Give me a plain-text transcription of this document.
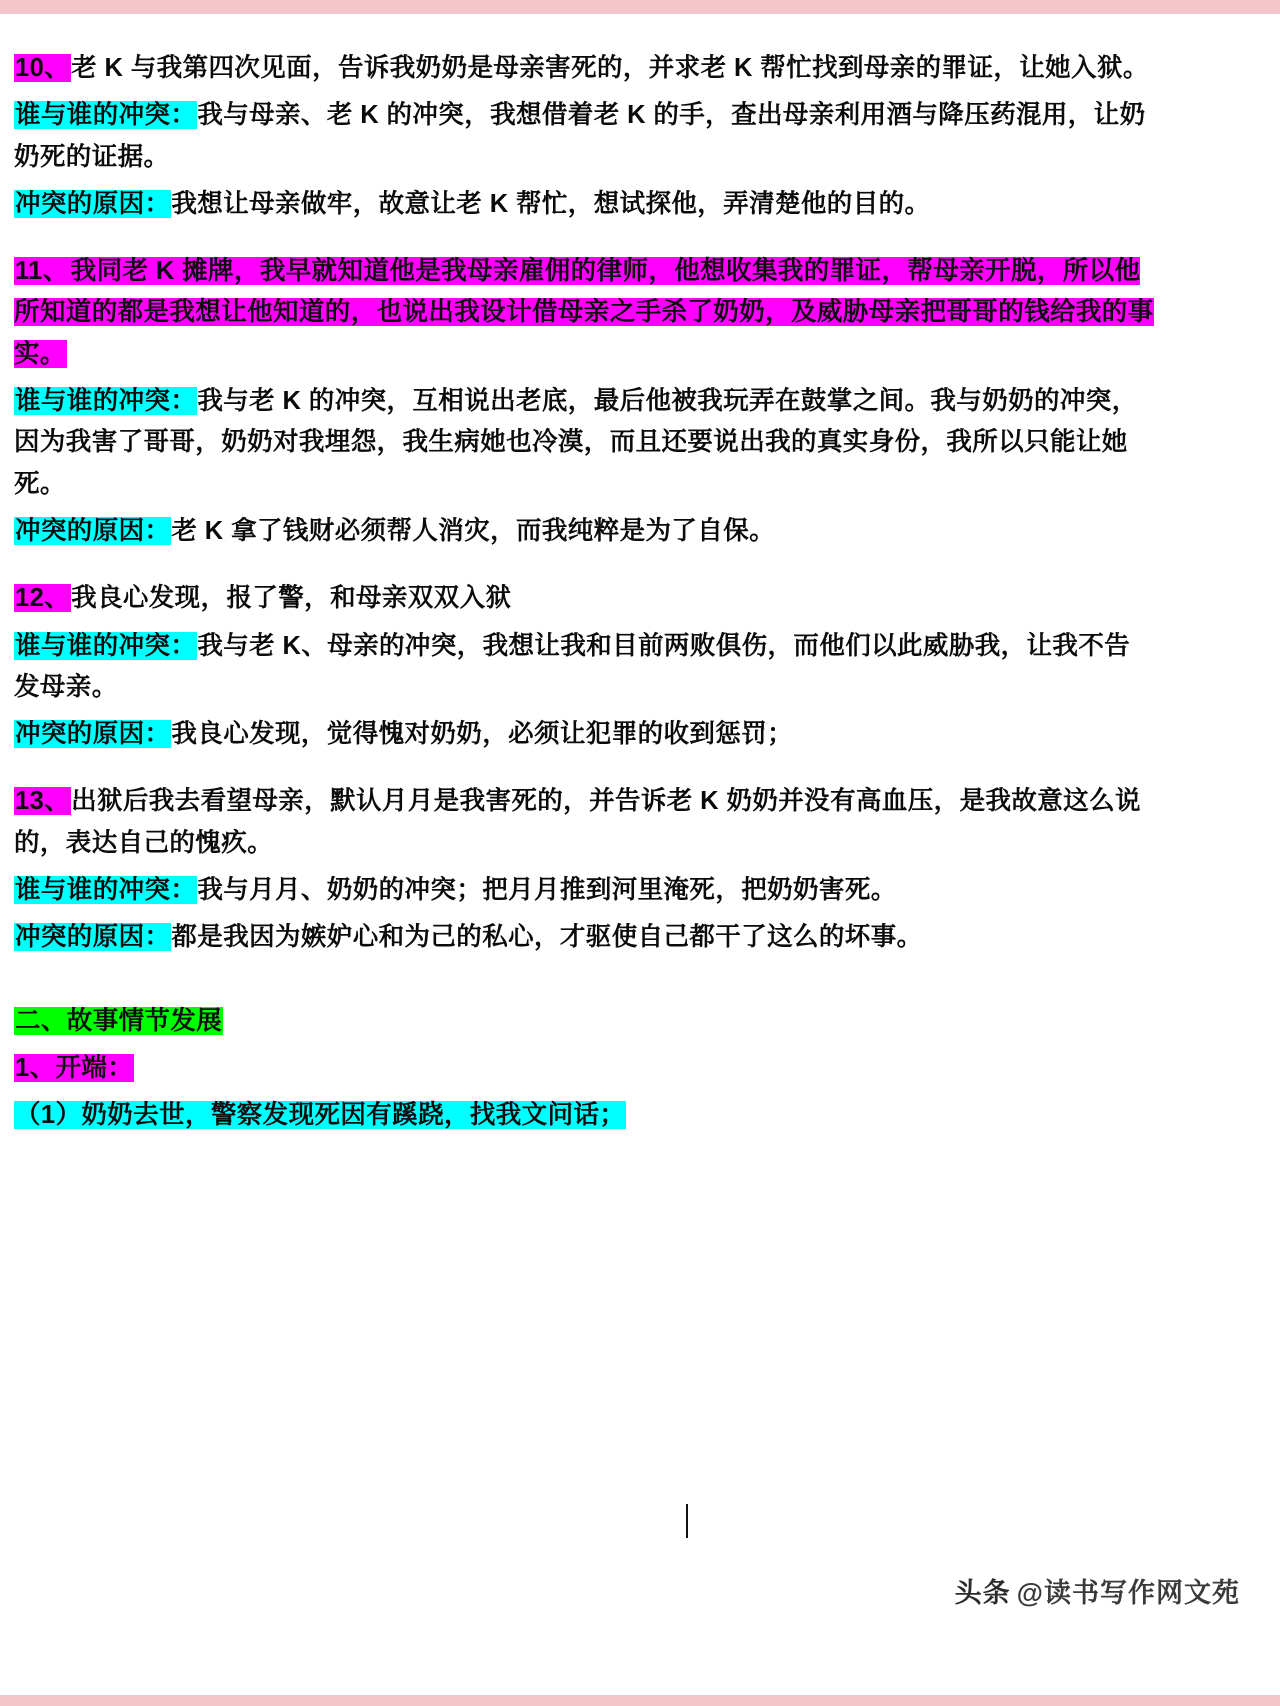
10、老 K 与我第四次见面，告诉我奶奶是母亲害死的，并求老 K 帮忙找到母亲的罪证，让她入狱。

谁与谁的冲突：我与母亲、老 K 的冲突，我想借着老 K 的手，查出母亲利用酒与降压药混用，让奶奶死的证据。

冲突的原因：我想让母亲做牢，故意让老 K 帮忙，想试探他，弄清楚他的目的。

11、我同老 K 摊牌，我早就知道他是我母亲雇佣的律师，他想收集我的罪证，帮母亲开脱，所以他所知道的都是我想让他知道的，也说出我设计借母亲之手杀了奶奶，及威胁母亲把哥哥的钱给我的事实。

谁与谁的冲突：我与老 K 的冲突，互相说出老底，最后他被我玩弄在鼓掌之间。我与奶奶的冲突，因为我害了哥哥，奶奶对我埋怨，我生病她也冷漠，而且还要说出我的真实身份，我所以只能让她死。

冲突的原因：老 K 拿了钱财必须帮人消灾，而我纯粹是为了自保。

12、我良心发现，报了警，和母亲双双入狱

谁与谁的冲突：我与老 K、母亲的冲突，我想让我和目前两败俱伤，而他们以此威胁我，让我不告发母亲。

冲突的原因：我良心发现，觉得愧对奶奶，必须让犯罪的收到惩罚；

13、出狱后我去看望母亲，默认月月是我害死的，并告诉老 K 奶奶并没有高血压，是我故意这么说的，表达自己的愧疚。

谁与谁的冲突：我与月月、奶奶的冲突；把月月推到河里淹死，把奶奶害死。

冲突的原因：都是我因为嫉妒心和为己的私心，才驱使自己都干了这么的坏事。

二、故事情节发展

1、开端：

（1）奶奶去世，警察发现死因有蹊跷，找我文问话；

头条 @读书写作网文苑
